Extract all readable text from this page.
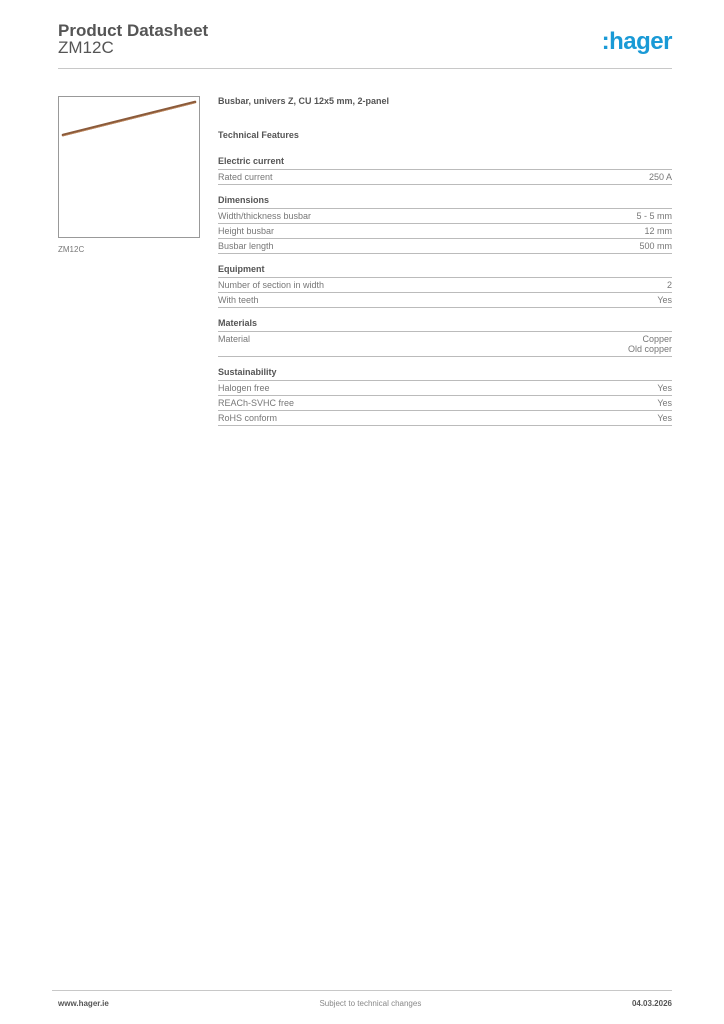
Product Datasheet
ZM12C	:hager
ZM12C
Busbar, univers Z, CU 12x5 mm, 2-panel
Technical Features
Electric current
Rated current	250 A
Dimensions
Width/thickness busbar	5 - 5 mm
Height busbar	12 mm
Busbar length	500 mm
Equipment
Number of section in width	2
With teeth	Yes
Materials
Material	Copper
Old copper
Sustainability
Halogen free	Yes
REACh-SVHC free	Yes
RoHS conform	Yes
www.hager.ie	Subject to technical changes	04.03.2026
